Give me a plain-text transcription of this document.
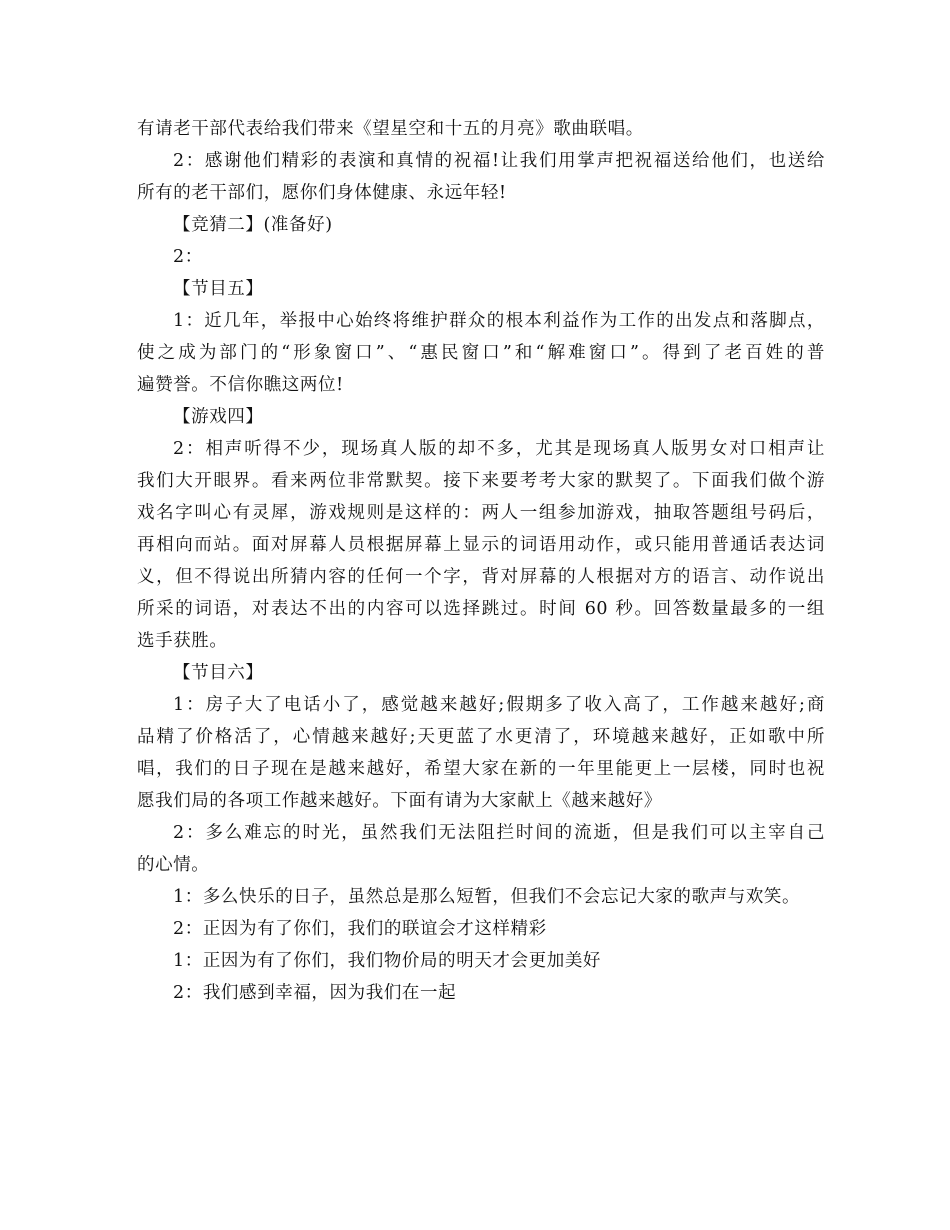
有请老干部代表给我们带来《望星空和十五的月亮》歌曲联唱。
2：感谢他们精彩的表演和真情的祝福!让我们用掌声把祝福送给他们，也送给
所有的老干部们，愿你们身体健康、永远年轻!
【竞猜二】(准备好)
2：
【节目五】
1：近几年，举报中心始终将维护群众的根本利益作为工作的出发点和落脚点，
使之成为部门的“形象窗口”、“惠民窗口”和“解难窗口”。得到了老百姓的普
遍赞誉。不信你瞧这两位!
【游戏四】
2：相声听得不少，现场真人版的却不多，尤其是现场真人版男女对口相声让
我们大开眼界。看来两位非常默契。接下来要考考大家的默契了。下面我们做个游
戏名字叫心有灵犀，游戏规则是这样的：两人一组参加游戏，抽取答题组号码后，
再相向而站。面对屏幕人员根据屏幕上显示的词语用动作，或只能用普通话表达词
义，但不得说出所猜内容的任何一个字，背对屏幕的人根据对方的语言、动作说出
所采的词语，对表达不出的内容可以选择跳过。时间 60 秒。回答数量最多的一组
选手获胜。
【节目六】
1：房子大了电话小了，感觉越来越好;假期多了收入高了，工作越来越好;商
品精了价格活了，心情越来越好;天更蓝了水更清了，环境越来越好，正如歌中所
唱，我们的日子现在是越来越好，希望大家在新的一年里能更上一层楼，同时也祝
愿我们局的各项工作越来越好。下面有请为大家献上《越来越好》
2：多么难忘的时光，虽然我们无法阻拦时间的流逝，但是我们可以主宰自己
的心情。
1：多么快乐的日子，虽然总是那么短暂，但我们不会忘记大家的歌声与欢笑。
2：正因为有了你们，我们的联谊会才这样精彩
1：正因为有了你们，我们物价局的明天才会更加美好
2：我们感到幸福，因为我们在一起
